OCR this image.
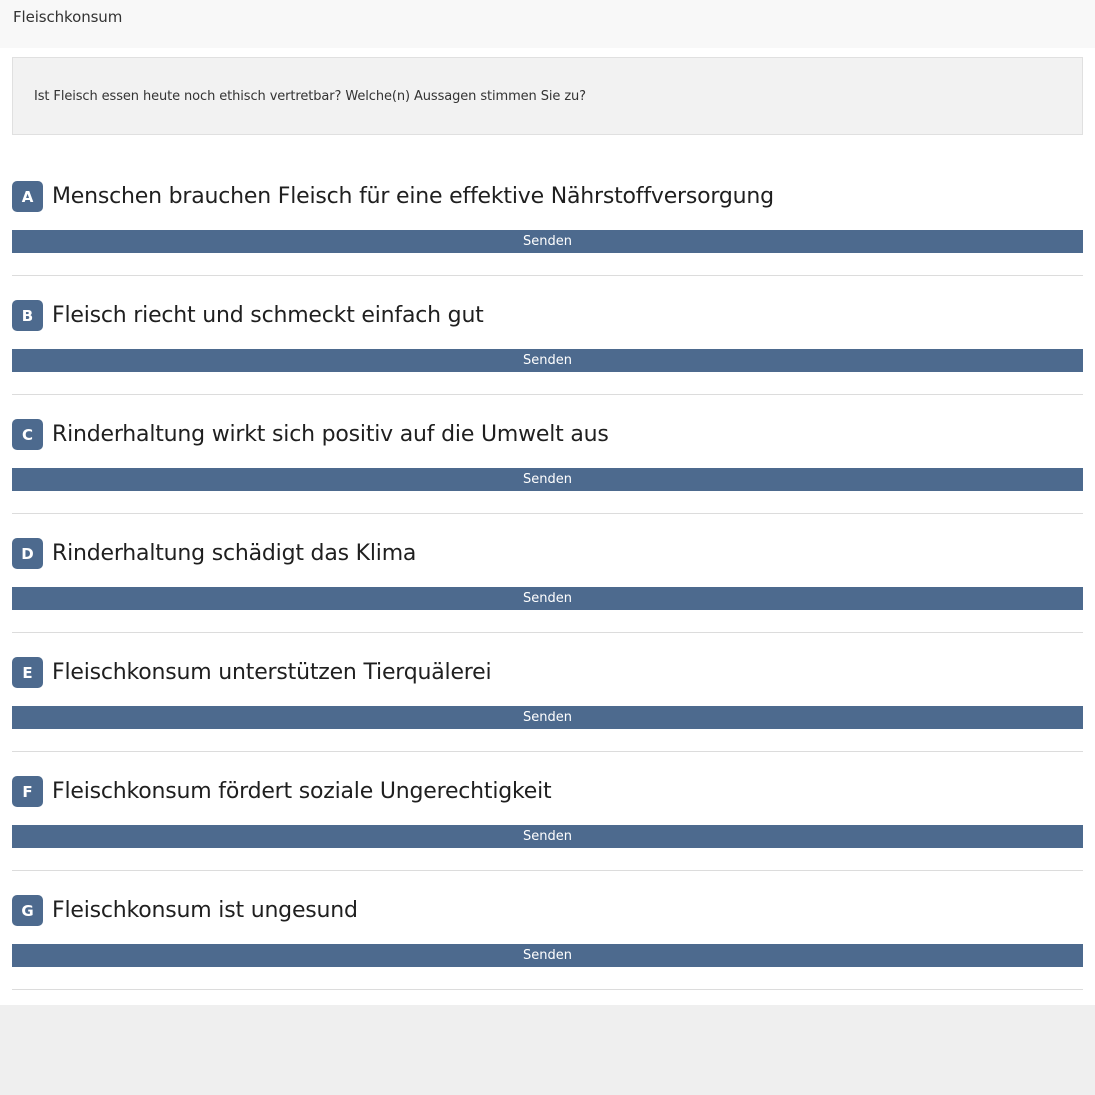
Fleischkonsum

Ist Fleisch essen heute noch ethisch vertretbar? Welche(n) Aussagen stimmen Sie zu?

A Menschen brauchen Fleisch für eine effektive Nährstoffversorgung
Senden
B Fleisch riecht und schmeckt einfach gut
Senden
C Rinderhaltung wirkt sich positiv auf die Umwelt aus
Senden
D Rinderhaltung schädigt das Klima
Senden
E Fleischkonsum unterstützen Tierquälerei
Senden
F Fleischkonsum fördert soziale Ungerechtigkeit
Senden
G Fleischkonsum ist ungesund
Senden
